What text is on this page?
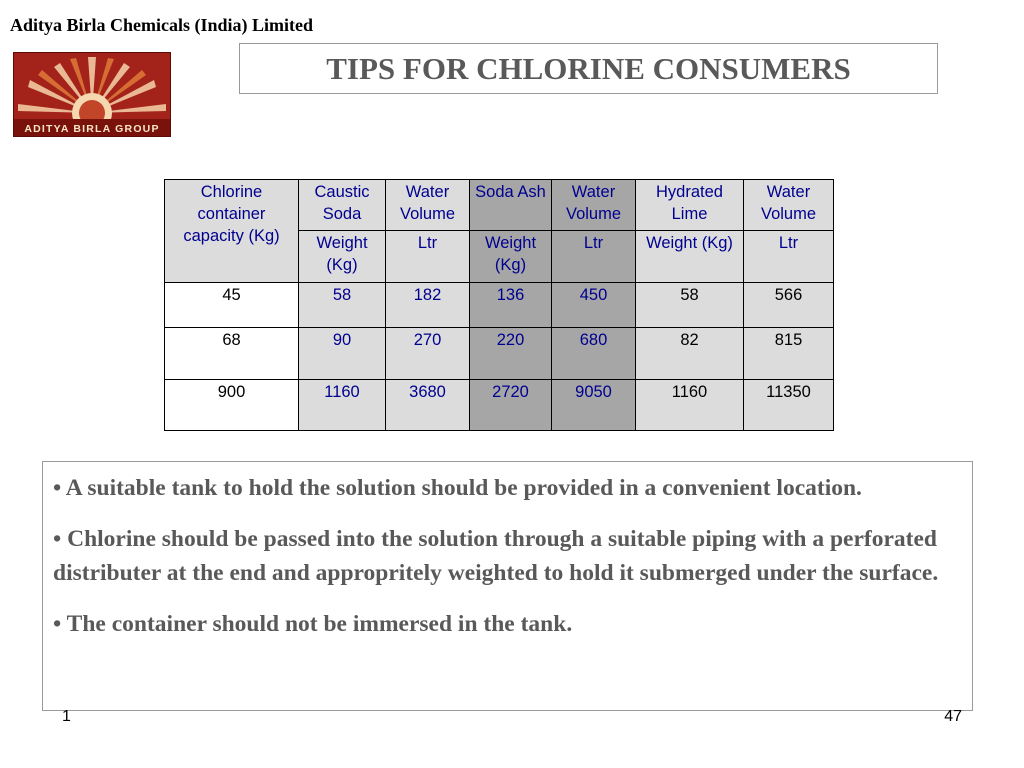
Aditya Birla Chemicals (India) Limited
ADITYA BIRLA GROUP
TIPS FOR CHLORINE CONSUMERS
Chlorine container capacity (Kg)	Caustic Soda	Water Volume	Soda Ash	Water Volume	Hydrated Lime	Water Volume
	Weight (Kg)	Ltr	Weight (Kg)	Ltr	Weight (Kg)	Ltr
45	58	182	136	450	58	566
68	90	270	220	680	82	815
900	1160	3680	2720	9050	1160	11350

• A suitable tank to hold the solution should be provided in a convenient location.

• Chlorine should be passed into the solution through a suitable piping with a perforated distributer at the end and appropritely weighted to hold it submerged under the surface.

• The container should not be immersed in the tank.

1	47
